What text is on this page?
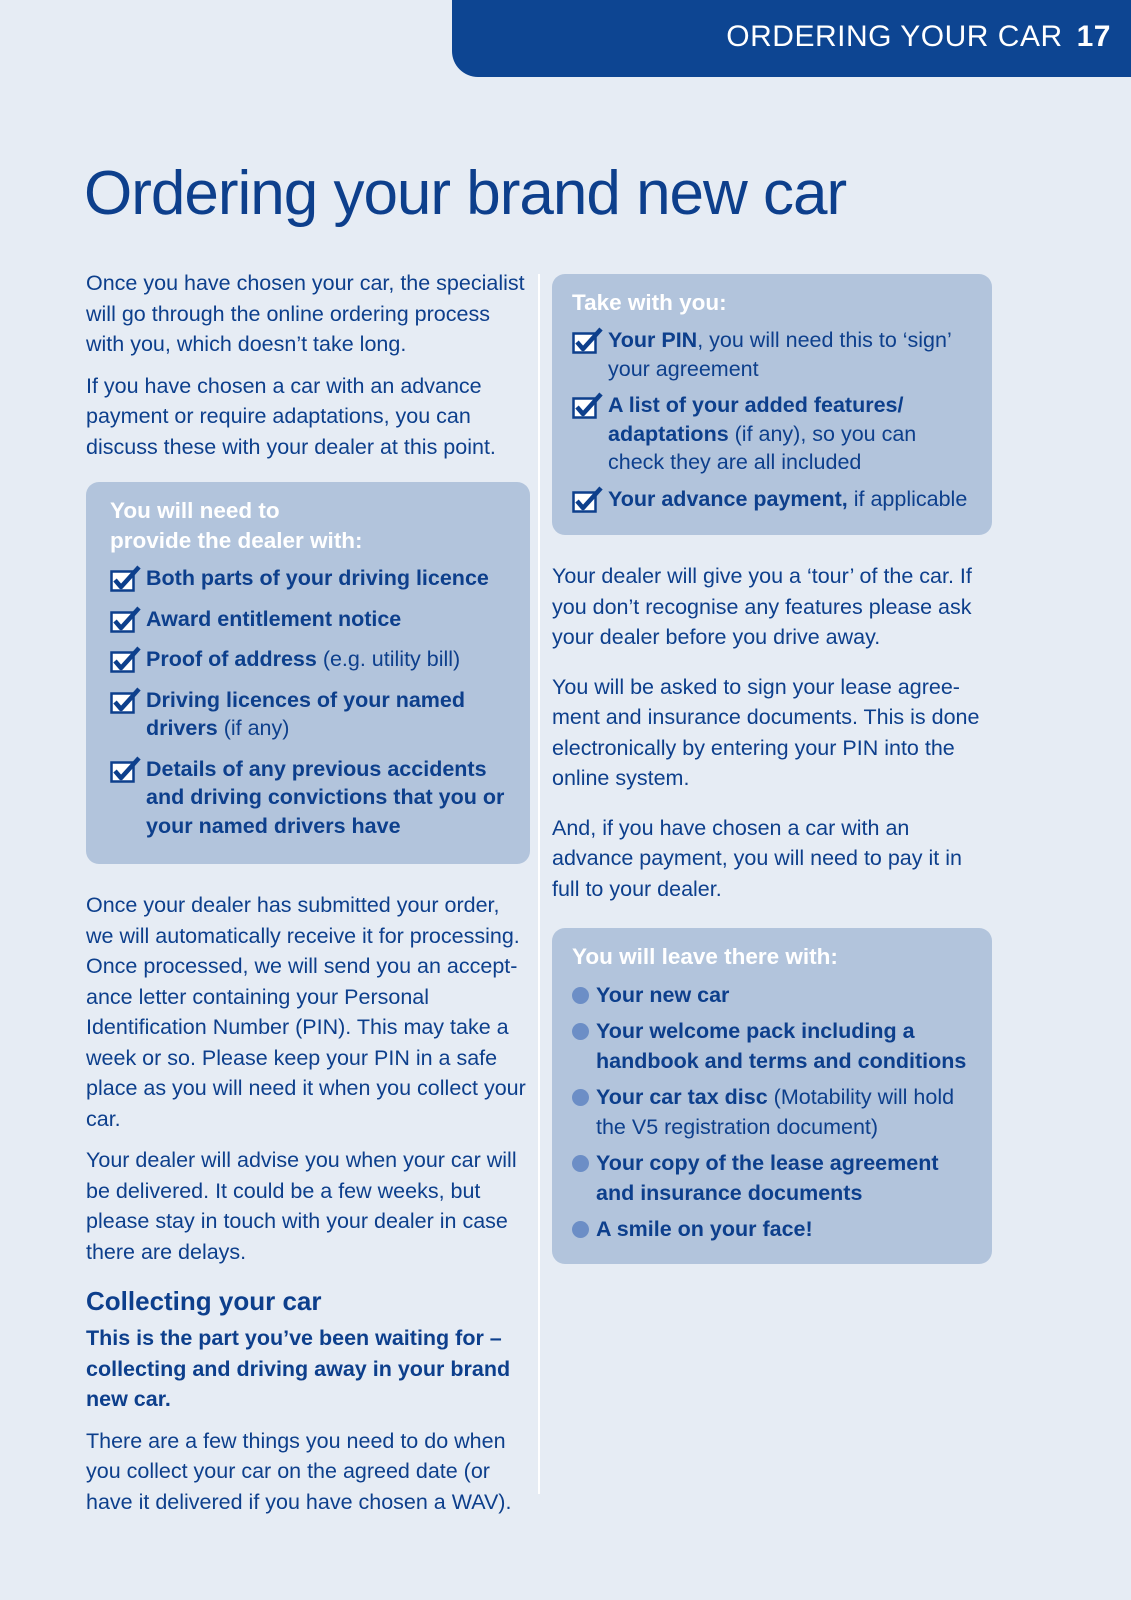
ORDERING YOUR CAR 17
Ordering your brand new car

Once you have chosen your car, the specialist will go through the online ordering process with you, which doesn’t take long.

If you have chosen a car with an advance payment or require adaptations, you can discuss these with your dealer at this point.

You will need to
provide the dealer with:
Both parts of your driving licence
Award entitlement notice
Proof of address (e.g. utility bill)
Driving licences of your named drivers (if any)
Details of any previous accidents and driving convictions that you or your named drivers have

Once your dealer has submitted your order, we will automatically receive it for processing. Once processed, we will send you an acceptance letter containing your Personal Identification Number (PIN). This may take a week or so. Please keep your PIN in a safe place as you will need it when you collect your car.

Your dealer will advise you when your car will be delivered. It could be a few weeks, but please stay in touch with your dealer in case there are delays.

Collecting your car

This is the part you’ve been waiting for – collecting and driving away in your brand new car.

There are a few things you need to do when you collect your car on the agreed date (or have it delivered if you have chosen a WAV).

Take with you:
Your PIN, you will need this to ‘sign’ your agreement
A list of your added features/ adaptations (if any), so you can check they are all included
Your advance payment, if applicable

Your dealer will give you a ‘tour’ of the car. If you don’t recognise any features please ask your dealer before you drive away.

You will be asked to sign your lease agreement and insurance documents. This is done electronically by entering your PIN into the online system.

And, if you have chosen a car with an advance payment, you will need to pay it in full to your dealer.

You will leave there with:
Your new car
Your welcome pack including a handbook and terms and conditions
Your car tax disc (Motability will hold the V5 registration document)
Your copy of the lease agreement and insurance documents
A smile on your face!
